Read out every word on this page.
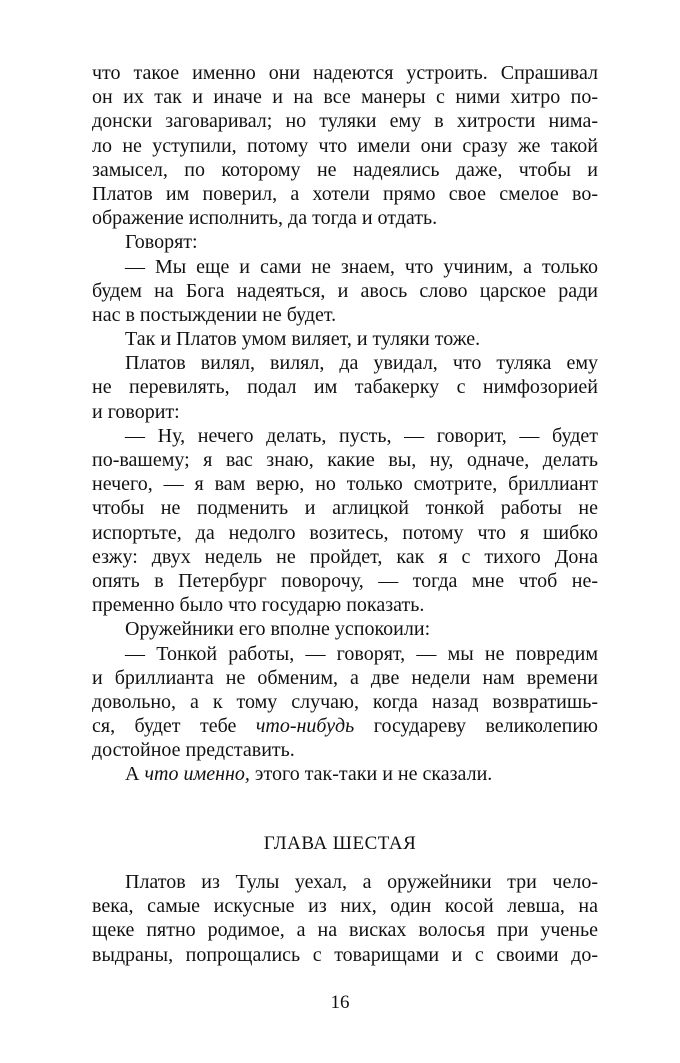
что такое именно они надеются устроить. Спрашивал
он их так и иначе и на все манеры с ними хитро по-
донски заговаривал; но туляки ему в хитрости нима-
ло не уступили, потому что имели они сразу же такой
замысел, по которому не надеялись даже, чтобы и
Платов им поверил, а хотели прямо свое смелое во-
ображение исполнить, да тогда и отдать.
Говорят:
— Мы еще и сами не знаем, что учиним, а только
будем на Бога надеяться, и авось слово царское ради
нас в постыждении не будет.
Так и Платов умом виляет, и туляки тоже.
Платов вилял, вилял, да увидал, что туляка ему
не перевилять, подал им табакерку с нимфозорией
и говорит:
— Ну, нечего делать, пусть, — говорит, — будет
по-вашему; я вас знаю, какие вы, ну, одначе, делать
нечего, — я вам верю, но только смотрите, бриллиант
чтобы не подменить и аглицкой тонкой работы не
испортьте, да недолго возитесь, потому что я шибко
езжу: двух недель не пройдет, как я с тихого Дона
опять в Петербург поворочу, — тогда мне чтоб не-
пременно было что государю показать.
Оружейники его вполне успокоили:
— Тонкой работы, — говорят, — мы не повредим
и бриллианта не обменим, а две недели нам времени
довольно, а к тому случаю, когда назад возвратишь-
ся, будет тебе что-нибудь государеву великолепию
достойное представить.
А что именно, этого так-таки и не сказали.
ГЛАВА ШЕСТАЯ
Платов из Тулы уехал, а оружейники три чело-
века, самые искусные из них, один косой левша, на
щеке пятно родимое, а на висках волосья при ученье
выдраны, попрощались с товарищами и с своими до-
16
